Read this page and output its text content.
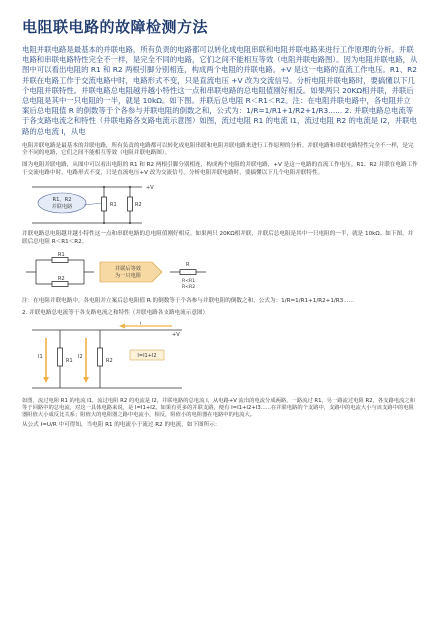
◦
电阻联电路的故障检测方法

电阻并联电路是最基本的并联电路，所有负责的电路都可以转化成电阻串联和电阻并联电路来进行工作原理的分析。并联电路和串联电路特性完全不一样，是完全不同的电路，它们之间不能相互等效（电阻并联电路图）。因为电阻并联电路，从图中可以看出电阻的 R1 和 R2 两根引脚分别相连，构成两个电阻的并联电路。+V 是这一电路的直流工作电压。R1、R2 并联在电路工作于交流电路中时，电路形式不变，只是直流电压 +V 改为交流信号。分析电阻并联电路时，要搞懂以下几个电阻并联特性。并联电路总电阻越并越小特性这一点和串联电路的总电阻值刚好相反。如果两只 20KΩ相并联，并联后总电阻是其中一只电阻的一半，就是 10kΩ。如下图。并联后总电阻 R＜R1＜R2。注：在电阻并联电路中，各电阻并立案后总电阻值 R 的倒数等于个各参与并联电阻的倒数之和，公式为：1/R=1/R1+1/R2+1/R3...... 2. 并联电路总电流等于各支路电流之和特性（并联电路各支路电流示意图）如图，流过电阻 R1 的电流 I1，流过电阻 R2 的电流是 I2，并联电路的总电流 I，从电

电阻并联电路是最基本的并联电路，所有负责的电路都可以转化成电阻串联和电阻并联电路来进行工作原理的分析。并联电路和串联电路特性完全不一样，是完全不同的电路，它们之间不能相互等效（电阻并联电路图）。

图为电阻并联电路，从图中可以看出电阻的 R1 和 R2 两根引脚分别相连，构成两个电阻的并联电路，+V 是这一电路的直流工作电压。R1、R2 并联在电路工作于交流电路中时，电路形式不变，只是直流电压+V 改为交流信号。分析电阻并联电路时，要搞懂以下几个电阻并联特性。

R1、R2
并联电路	R1	R2
+V

并联电路总电阻越并越小特性这一点和串联电路的总电阻值刚好相反。如果两只 20KΩ相并联，并联后总电阻是其中一只电阻的一半，就是 10kΩ。如下图。并联后总电阻 R＜R1＜R2。

R1
R2
并联后等效
为一只电阻
R
R<R1
R<R2

注：在电阻并联电路中，各电阻并立案后总电阻值 R 的倒数等于个各参与并联电阻的倒数之和，公式为：1/R=1/R1+1/R2+1/R3......

2. 并联电路总电流等于各支路电流之和特性（并联电路各支路电流示意图）

I
I1	I2
R1	R2
I=I1+I2
+V

如图，流过电阻 R1 的电流 I1，流过电阻 R2 的电流是 I2，并联电路的总电流 I，从电路+V 流出的电流分成两路，一路流过 R1，另一路流过电阻 R2，各支路电流之和等于回路中的总电流，对这一具体电路来说，是 I=I1+I2。如果有更多的并联支路，便有 I=I1+I2+I3......在并联电路的个支路中，支路中的电流大小与该支路中的电阻器阻值大小成反比关系；阻值大的电阻器之路中电流小，相反，阻值小的电阻器在电路中的电流大。

从公式 I=U/R 中可得知，当电阻 R1 的电流小于流过 R2 的电流，如下图所示：
